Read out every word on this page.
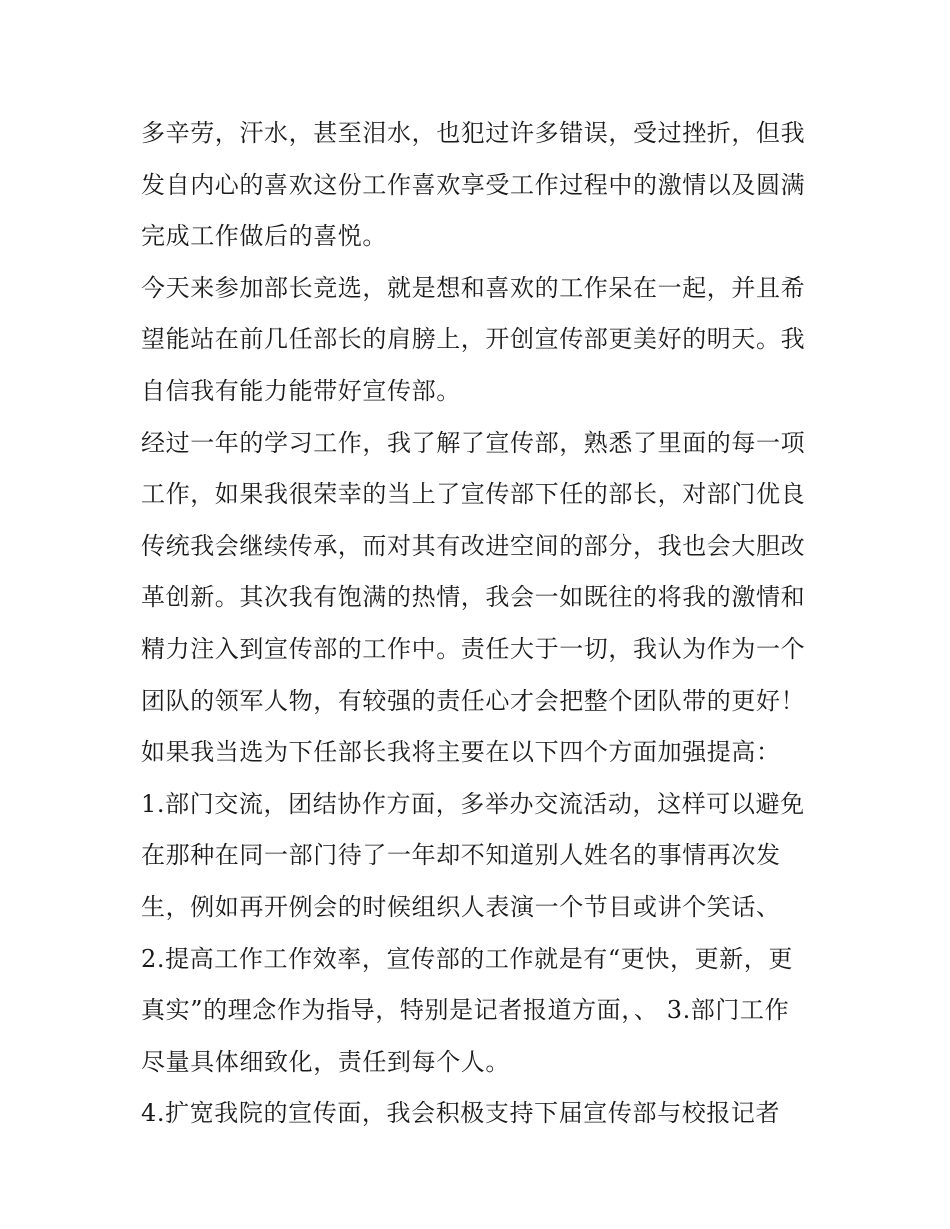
多辛劳，汗水，甚至泪水，也犯过许多错误，受过挫折，但我
发自内心的喜欢这份工作喜欢享受工作过程中的激情以及圆满
完成工作做后的喜悦。
今天来参加部长竞选，就是想和喜欢的工作呆在一起，并且希
望能站在前几任部长的肩膀上，开创宣传部更美好的明天。我
自信我有能力能带好宣传部。
经过一年的学习工作，我了解了宣传部，熟悉了里面的每一项
工作，如果我很荣幸的当上了宣传部下任的部长，对部门优良
传统我会继续传承，而对其有改进空间的部分，我也会大胆改
革创新。其次我有饱满的热情，我会一如既往的将我的激情和
精力注入到宣传部的工作中。责任大于一切，我认为作为一个
团队的领军人物，有较强的责任心才会把整个团队带的更好！
如果我当选为下任部长我将主要在以下四个方面加强提高：
1.部门交流，团结协作方面，多举办交流活动，这样可以避免
在那种在同一部门待了一年却不知道别人姓名的事情再次发
生，例如再开例会的时候组织人表演一个节目或讲个笑话、
2.提高工作工作效率，宣传部的工作就是有“更快，更新，更
真实”的理念作为指导，特别是记者报道方面，、 3.部门工作
尽量具体细致化，责任到每个人。
4.扩宽我院的宣传面，我会积极支持下届宣传部与校报记者
